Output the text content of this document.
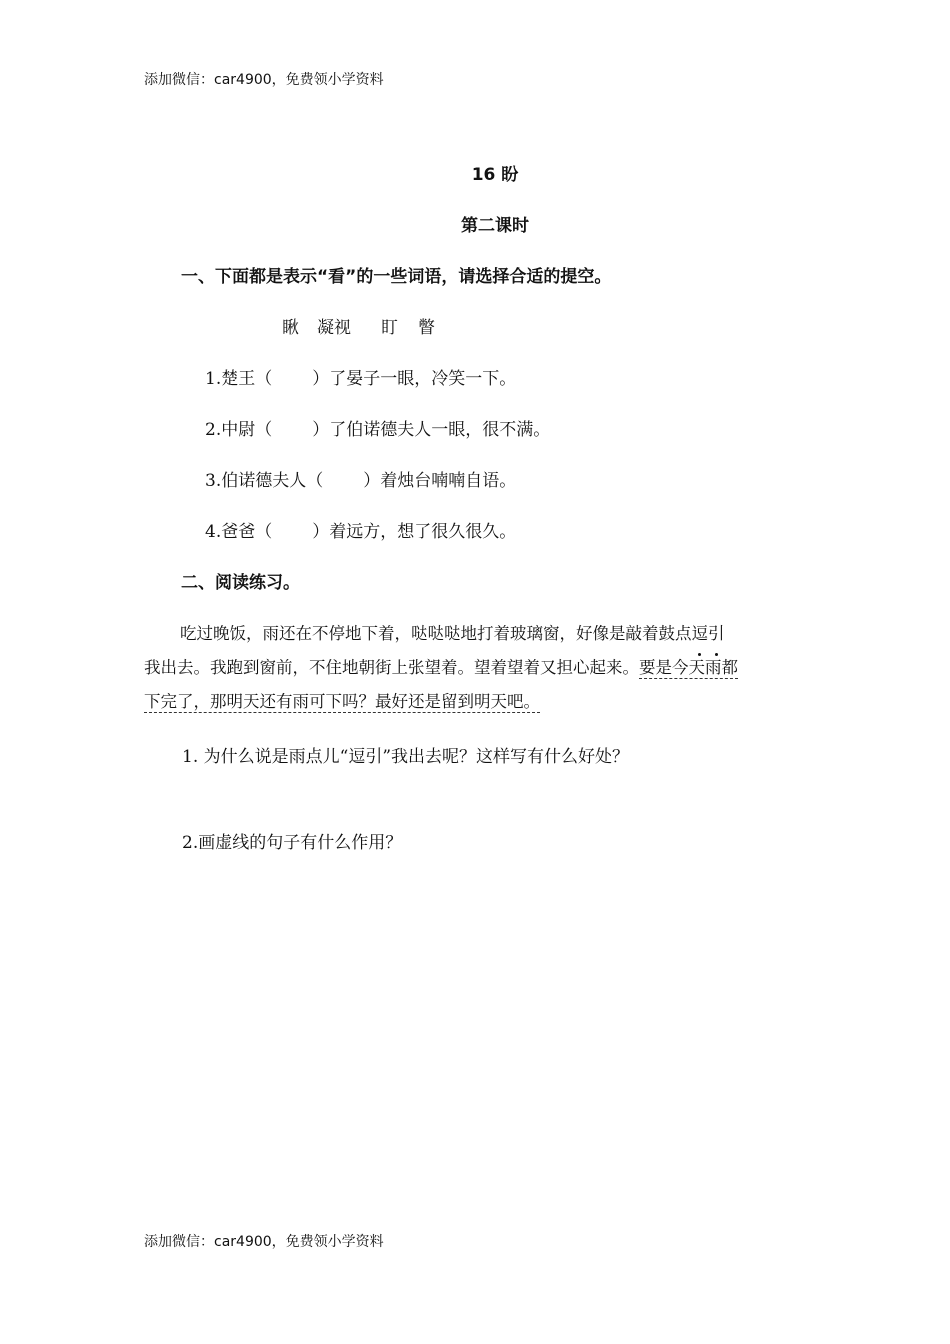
添加微信：car4900，免费领小学资料
16 盼
第二课时
一、下面都是表示“看”的一些词语，请选择合适的提空。
瞅 凝视 盯 瞥
1.楚王（ ）了晏子一眼，冷笑一下。
2.中尉（ ）了伯诺德夫人一眼，很不满。
3.伯诺德夫人（ ）着烛台喃喃自语。
4.爸爸（ ）着远方，想了很久很久。
二、阅读练习。
吃过晚饭，雨还在不停地下着，哒哒哒地打着玻璃窗，好像是敲着鼓点逗引
我出去。我跑到窗前，不住地朝街上张望着。望着望着又担心起来。要是今天雨都
下完了，那明天还有雨可下吗？最好还是留到明天吧。
1. 为什么说是雨点儿“逗引”我出去呢？这样写有什么好处？
2.画虚线的句子有什么作用？
添加微信：car4900，免费领小学资料
